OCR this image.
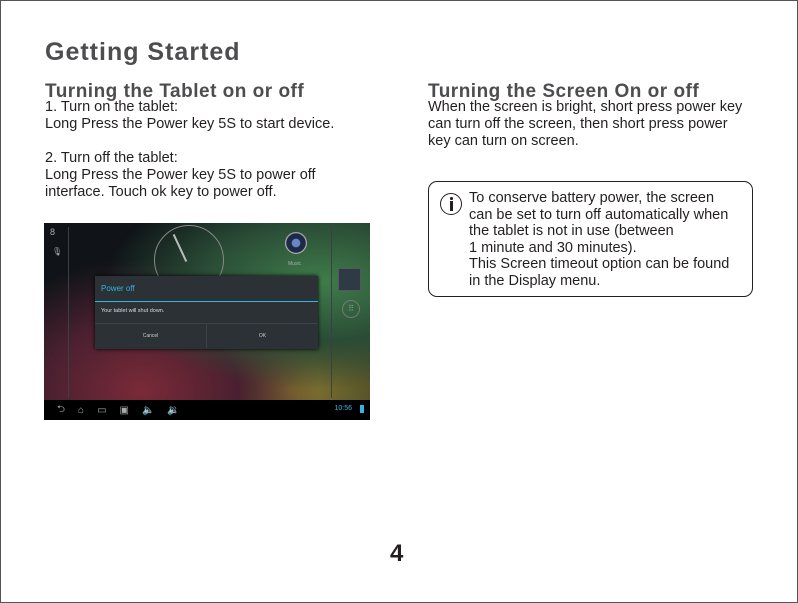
Getting Started
Turning the Tablet on or off
1. Turn on the tablet:
Long Press the Power key 5S to start device.
2. Turn off the tablet:
Long Press the Power key 5S to power off
interface. Touch ok key to power off.
Turning the Screen On or off
When the screen is bright, short press power key
can turn off the screen, then short press power
key can turn on screen.
To conserve battery power, the screen
can be set to turn off automatically when
the tablet is not in use (between
1 minute and 30 minutes).
This Screen timeout option can be found
in the Display menu.
8
🎙
Music
⠿
Power off
Your tablet will shut down.
Cancel	OK
⮌ ⌂ ▭ ▣ 🔈 🔉	10:56
4
